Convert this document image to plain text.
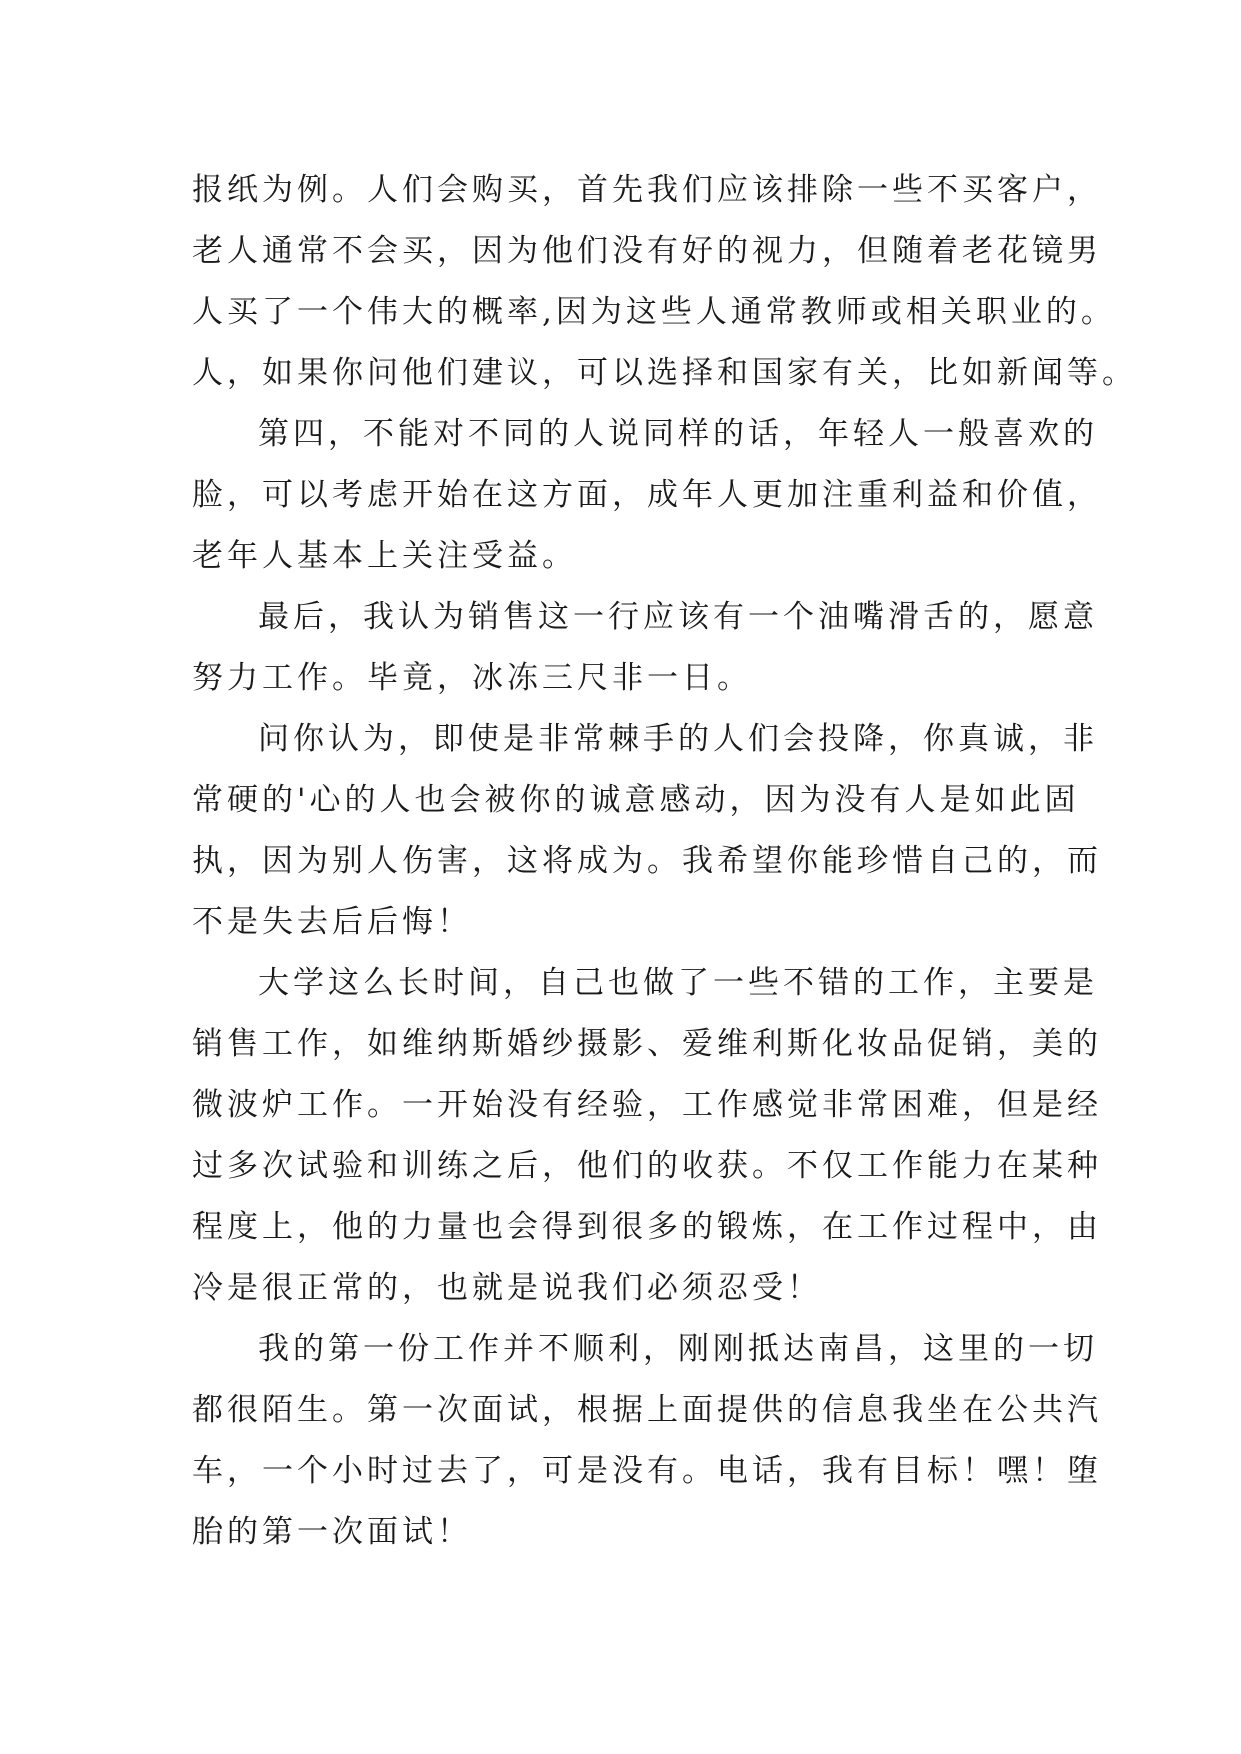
报纸为例。人们会购买，首先我们应该排除一些不买客户，
老人通常不会买，因为他们没有好的视力，但随着老花镜男
人买了一个伟大的概率,因为这些人通常教师或相关职业的。
人，如果你问他们建议，可以选择和国家有关，比如新闻等。
第四，不能对不同的人说同样的话，年轻人一般喜欢的
脸，可以考虑开始在这方面，成年人更加注重利益和价值，
老年人基本上关注受益。
最后，我认为销售这一行应该有一个油嘴滑舌的，愿意
努力工作。毕竟，冰冻三尺非一日。
问你认为，即使是非常棘手的人们会投降，你真诚，非
常硬的'心的人也会被你的诚意感动，因为没有人是如此固
执，因为别人伤害，这将成为。我希望你能珍惜自己的，而
不是失去后后悔！
大学这么长时间，自己也做了一些不错的工作，主要是
销售工作，如维纳斯婚纱摄影、爱维利斯化妆品促销，美的
微波炉工作。一开始没有经验，工作感觉非常困难，但是经
过多次试验和训练之后，他们的收获。不仅工作能力在某种
程度上，他的力量也会得到很多的锻炼，在工作过程中，由
冷是很正常的，也就是说我们必须忍受！
我的第一份工作并不顺利，刚刚抵达南昌，这里的一切
都很陌生。第一次面试，根据上面提供的信息我坐在公共汽
车，一个小时过去了，可是没有。电话，我有目标！嘿！堕
胎的第一次面试！
